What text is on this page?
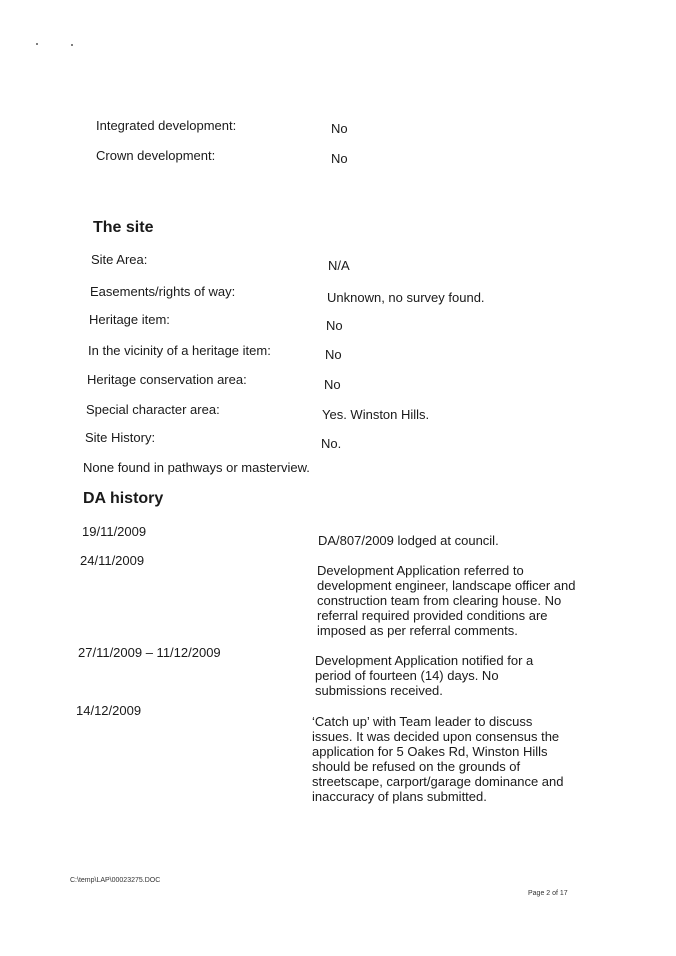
Integrated development:	No
Crown development:	No
The site
Site Area:	N/A
Easements/rights of way:	Unknown, no survey found.
Heritage item:	No
In the vicinity of a heritage item:	No
Heritage conservation area:	No
Special character area:	Yes. Winston Hills.
Site History:	No.
None found in pathways or masterview.
DA history
19/11/2009
DA/807/2009 lodged at council.
24/11/2009
Development Application referred to development engineer, landscape officer and construction team from clearing house. No referral required provided conditions are imposed as per referral comments.
27/11/2009 – 11/12/2009
Development Application notified for a period of fourteen (14) days. No submissions received.
14/12/2009
‘Catch up’ with Team leader to discuss issues. It was decided upon consensus the application for 5 Oakes Rd, Winston Hills should be refused on the grounds of streetscape, carport/garage dominance and inaccuracy of plans submitted.
C:\temp\LAP\00023275.DOC
Page 2 of 17
